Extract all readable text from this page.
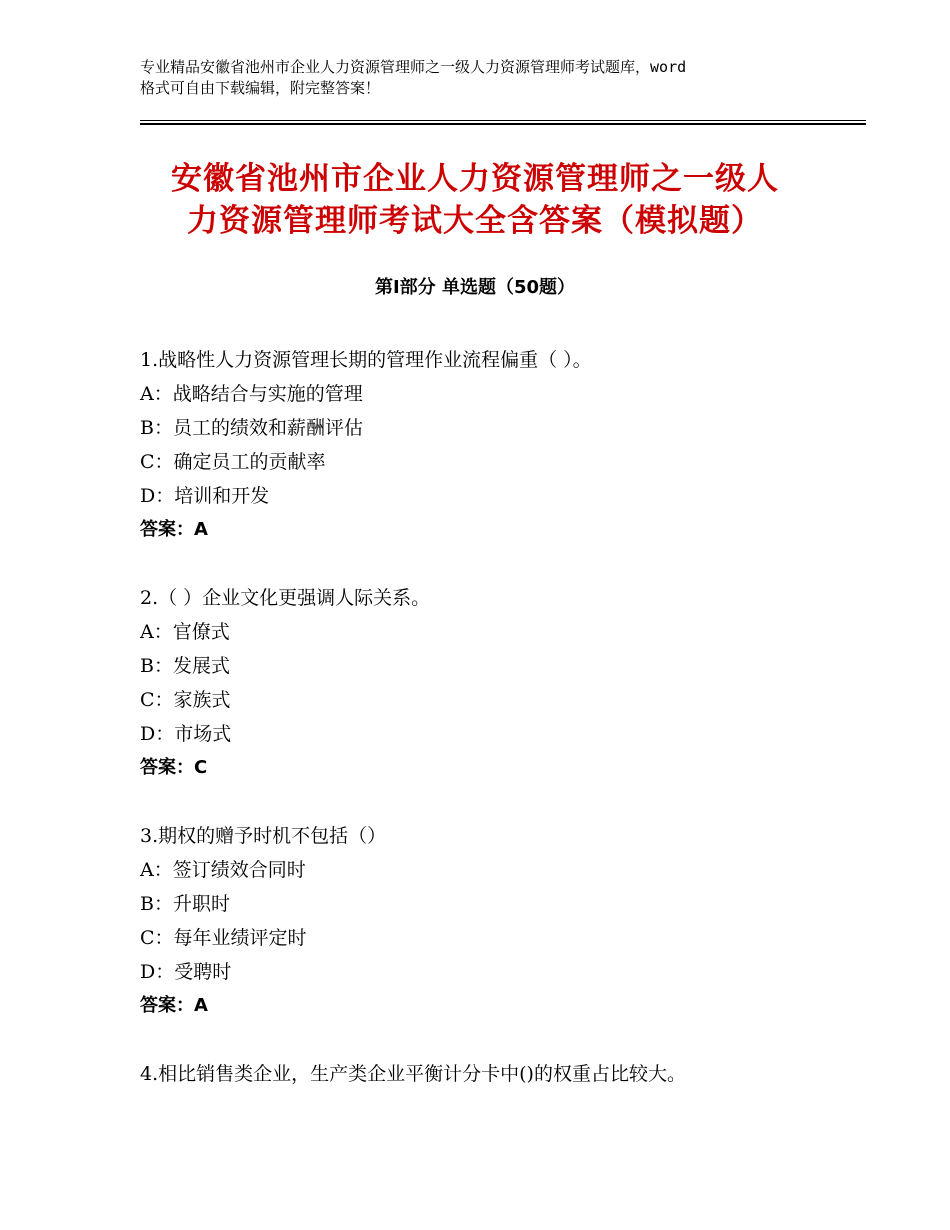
专业精品安徽省池州市企业人力资源管理师之一级人力资源管理师考试题库，word
格式可自由下载编辑，附完整答案！
安徽省池州市企业人力资源管理师之一级人
力资源管理师考试大全含答案（模拟题）
第Ⅰ部分 单选题（50题）
1.战略性人力资源管理长期的管理作业流程偏重（ ）。
A：战略结合与实施的管理
B：员工的绩效和薪酬评估
C：确定员工的贡献率
D：培训和开发
答案：A
2.（ ）企业文化更强调人际关系。
A：官僚式
B：发展式
C：家族式
D：市场式
答案：C
3.期权的赠予时机不包括（）
A：签订绩效合同时
B：升职时
C：每年业绩评定时
D：受聘时
答案：A
4.相比销售类企业，生产类企业平衡计分卡中()的权重占比较大。
